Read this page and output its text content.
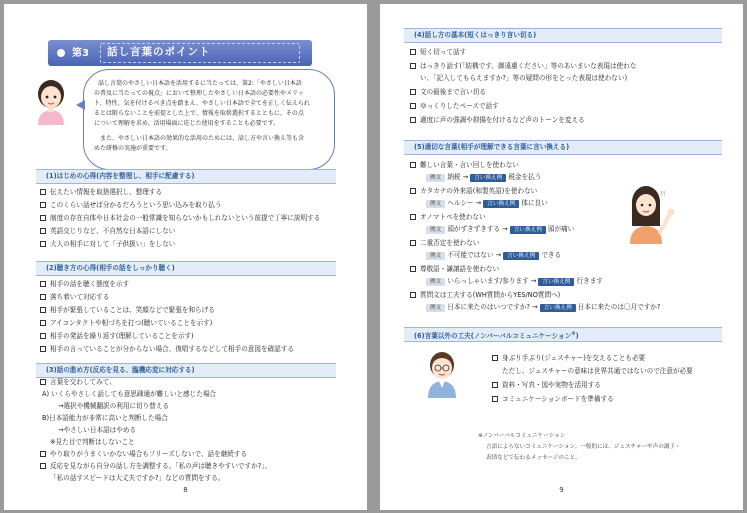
第3 話し言葉のポイント
話し言葉のやさしい日本語を活用するに当たっては、第2:「やさしい日本語
の普及に当たっての視点」において整理したやさしい日本語の必要性やメリッ
ト、特性、気を付けるべき点を踏まえ、やさしい日本語で全てを正しく伝えられ
るとは限らないことを前提とした上で、情報を取捨選択するとともに、その点
について理解を求め、活用場面に応じた使用をすることも必要です。
また、やさしい日本語の効果的な活用のためには、話し方や言い換え等も含
めた研修の実施が重要です。
(1)はじめの心得(内容を整理し、相手に配慮する)
伝えたい情報を取捨選択し、整理する
このくらい話せば分かるだろうという思い込みを取り払う
制度の存在自体や日本社会の一般常識を知らないかもしれないという前提で丁寧に説明する
英語交じりなど、不自然な日本語にしない
大人の相手に対して「子供扱い」をしない
(2)聴き方の心得(相手の話をしっかり聴く)
相手の話を聴く態度を示す
落ち着いて対応する
相手が緊張していることは、笑顔などで緊張を和らげる
アイコンタクトや相づちを打つ(聴いていることを示す)
相手の発話を繰り返す(理解していることを示す)
相手の言っていることが分からない場合、復唱するなどして相手の意図を確認する
(3)話の進め方(反応を見る、臨機応変に対応する)
言葉を交わしてみて、
A) いくらやさしく話しても意思疎通が難しいと感じた場合
→選択や機械翻訳の利用に切り替える
B)日本語能力が非常に高いと判断した場合
→やさしい日本語はやめる
※見た目で判断はしないこと
やり取りがうまくいかない場合もフリーズしないで、話を継続する
反応を見ながら自分の話し方を調整する。「私の声は聴きやすいですか?」、
「私の話すスピードは大丈夫ですか?」などの質問をする。
8
(4)話し方の基本(短くはっきり言い切る)
短く切って話す
はっきり話す(「結構です、御遠慮ください」等のあいまいな表現は使わな
い、「記入してもらえますか?」等の疑問の形をとった表現は使わない)
文の最後まで言い切る
ゆっくりしたペースで話す
適度に声の強調や抑揚を付けるなど声のトーンを変える
(5)適切な言葉(相手が理解できる言葉に言い換える)
難しい言葉・言い回しを使わない
例文 納税 → 言い換え例 税金を払う
カタカナの外来語(和製英語)を使わない
例文 ヘルシー → 言い換え例 体に良い
オノマトペを使わない
例文 頭がずきずきする → 言い換え例 頭が痛い
二重否定を使わない
例文 不可能ではない → 言い換え例 できる
尊敬語・謙譲語を使わない
例文 いらっしゃいます/参ります → 言い換え例 行きます
質問文は工夫する(WH質問からYES/NO質問へ)
例文 日本に来たのはいつですか? → 言い換え例 日本に来たのは〇月ですか?
!!
(6)言葉以外の工夫(ノンバーバルコミュニケーション※)
身ぶり手ぶり(ジェスチャー)を交えることも必要
ただし、ジェスチャーの意味は世界共通ではないので注意が必要
資料・写真・図や実物を活用する
コミュニケーションボードを準備する
※ノンバーバルコミュニケーション
言語によらないコミュニケーション。一般的には、ジェスチャーや声の調子・
表情などで伝わるメッセージのこと。
9
